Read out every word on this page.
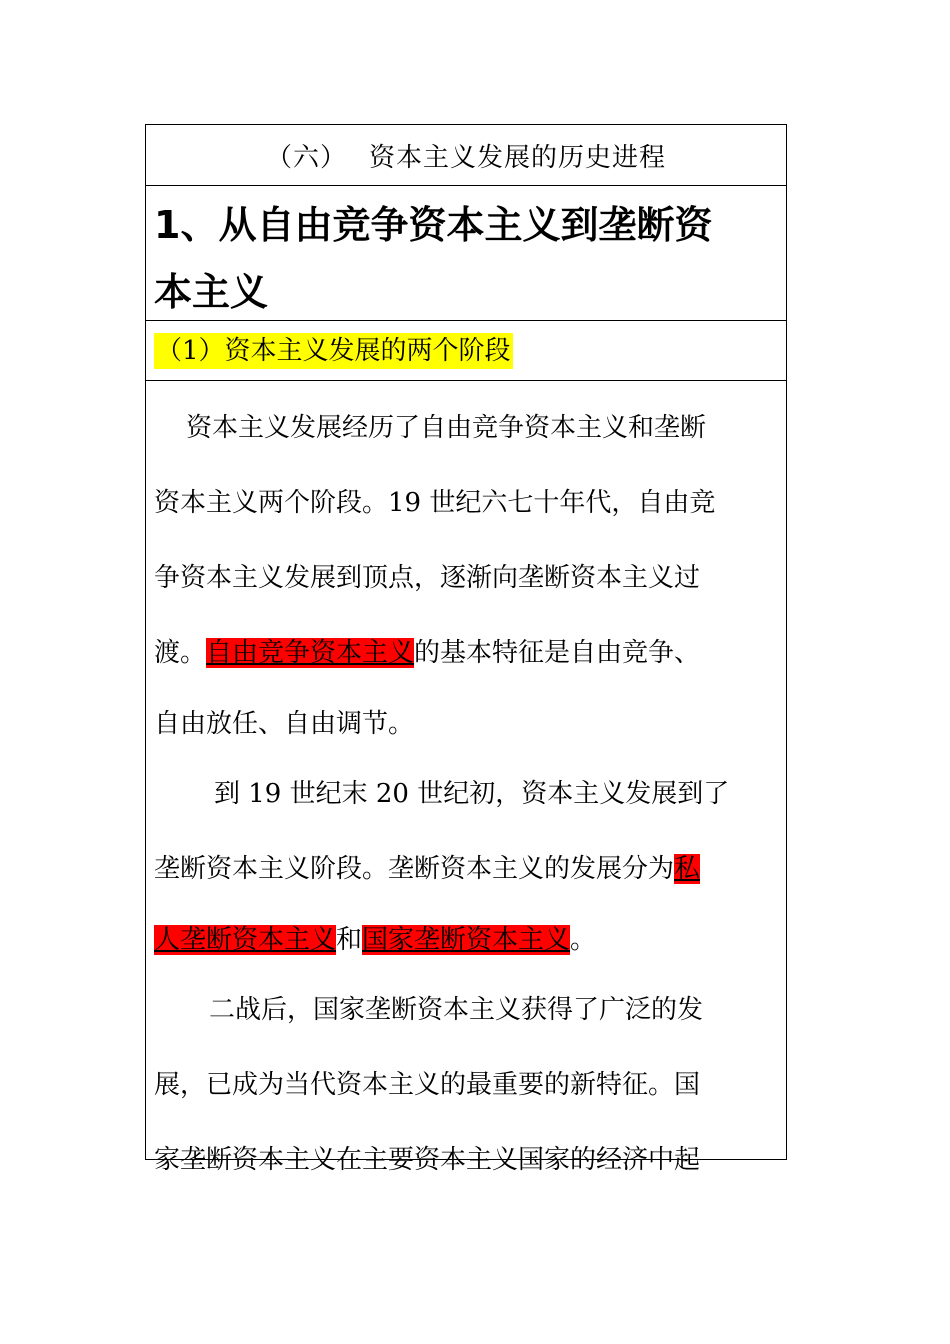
（六） 资本主义发展的历史进程
1、从自由竞争资本主义到垄断资
本主义
（1）资本主义发展的两个阶段
资本主义发展经历了自由竞争资本主义和垄断
资本主义两个阶段。19 世纪六七十年代，自由竞
争资本主义发展到顶点，逐渐向垄断资本主义过
渡。自由竞争资本主义的基本特征是自由竞争、
自由放任、自由调节。
到 19 世纪末 20 世纪初，资本主义发展到了
垄断资本主义阶段。垄断资本主义的发展分为私
人垄断资本主义和国家垄断资本主义。
二战后，国家垄断资本主义获得了广泛的发
展，已成为当代资本主义的最重要的新特征。国
家垄断资本主义在主要资本主义国家的经济中起
